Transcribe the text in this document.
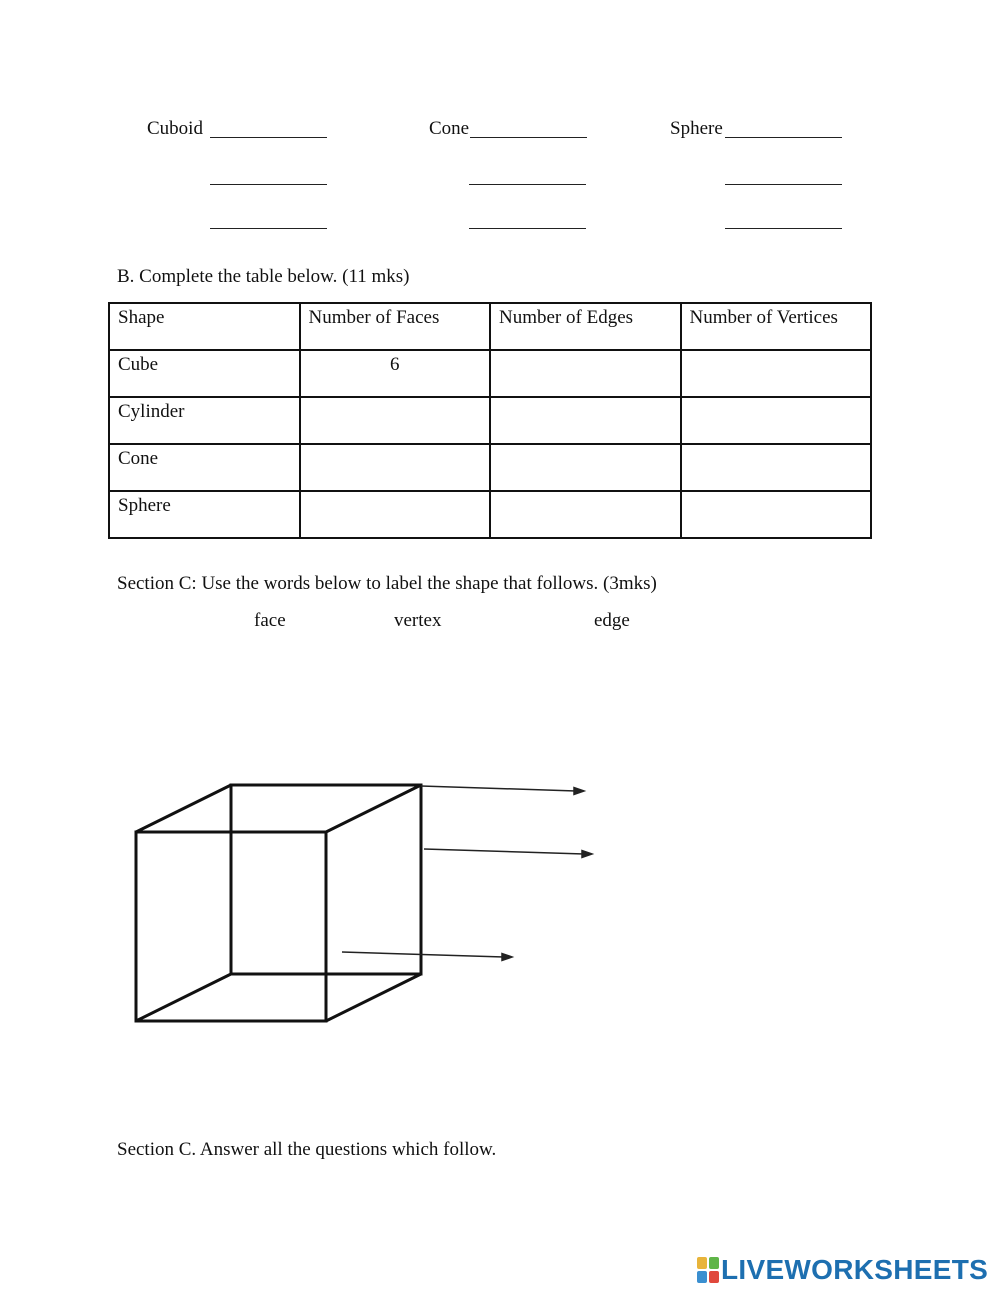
Cuboid	Cone	Sphere
B. Complete the table below. (11 mks)
Shape	Number of Faces	Number of Edges	Number of Vertices
Cube	6		
Cylinder			
Cone			
Sphere			
Section C: Use the words below to label the shape that follows. (3mks)
face	vertex	edge
Section C. Answer all the questions which follow.
LIVEWORKSHEETS
